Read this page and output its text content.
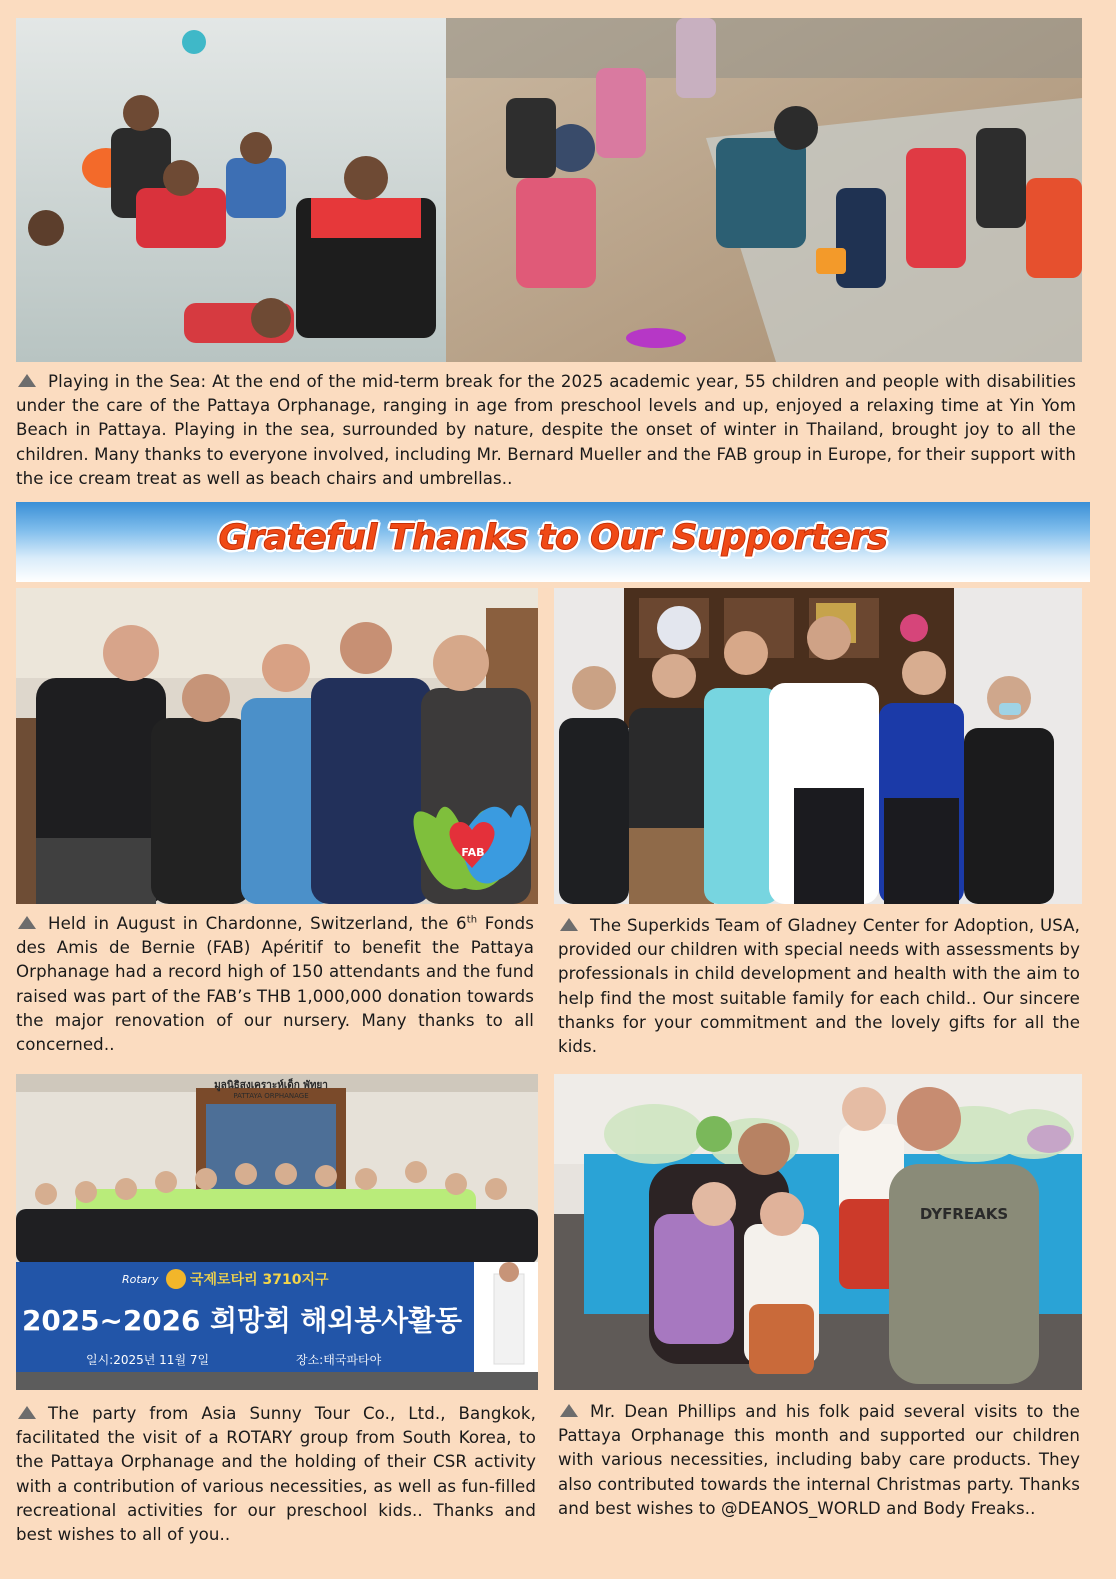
Playing in the Sea: At the end of the mid-term break for the 2025 academic year, 55 children and people with disabilities under the care of the Pattaya Orphanage, ranging in age from preschool levels and up, enjoyed a relaxing time at Yin Yom Beach in Pattaya. Playing in the sea, surrounded by nature, despite the onset of winter in Thailand, brought joy to all the children. Many thanks to everyone involved, including Mr. Bernard Mueller and the FAB group in Europe, for their support with the ice cream treat as well as beach chairs and umbrellas..
Grateful Thanks to Our Supporters
FAB
Held in August in Chardonne, Switzerland, the 6th Fonds des Amis de Bernie (FAB) Apéritif to benefit the Pattaya Orphanage had a record high of 150 attendants and the fund raised was part of the FAB’s THB 1,000,000 donation towards the major renovation of our nursery. Many thanks to all concerned..
The Superkids Team of Gladney Center for Adoption, USA, provided our children with special needs with assessments by professionals in child development and health with the aim to help find the most suitable family for each child.. Our sincere thanks for your commitment and the lovely gifts for all the kids.
มูลนิธิสงเคราะห์เด็ก พัทยา
PATTAYA ORPHANAGE
Rotary 국제로타리 3710지구
2025~2026 희망회 해외봉사활동
일시:2025년 11월 7일	장소:태국파타야
The party from Asia Sunny Tour Co., Ltd., Bangkok, facilitated the visit of a ROTARY group from South Korea, to the Pattaya Orphanage and the holding of their CSR activity with a contribution of various necessities, as well as fun-filled recreational activities for our preschool kids.. Thanks and best wishes to all of you..
DYFREAKS
Mr. Dean Phillips and his folk paid several visits to the Pattaya Orphanage this month and supported our children with various necessities, including baby care products. They also contributed towards the internal Christmas party. Thanks and best wishes to @DEANOS_WORLD and Body Freaks..
